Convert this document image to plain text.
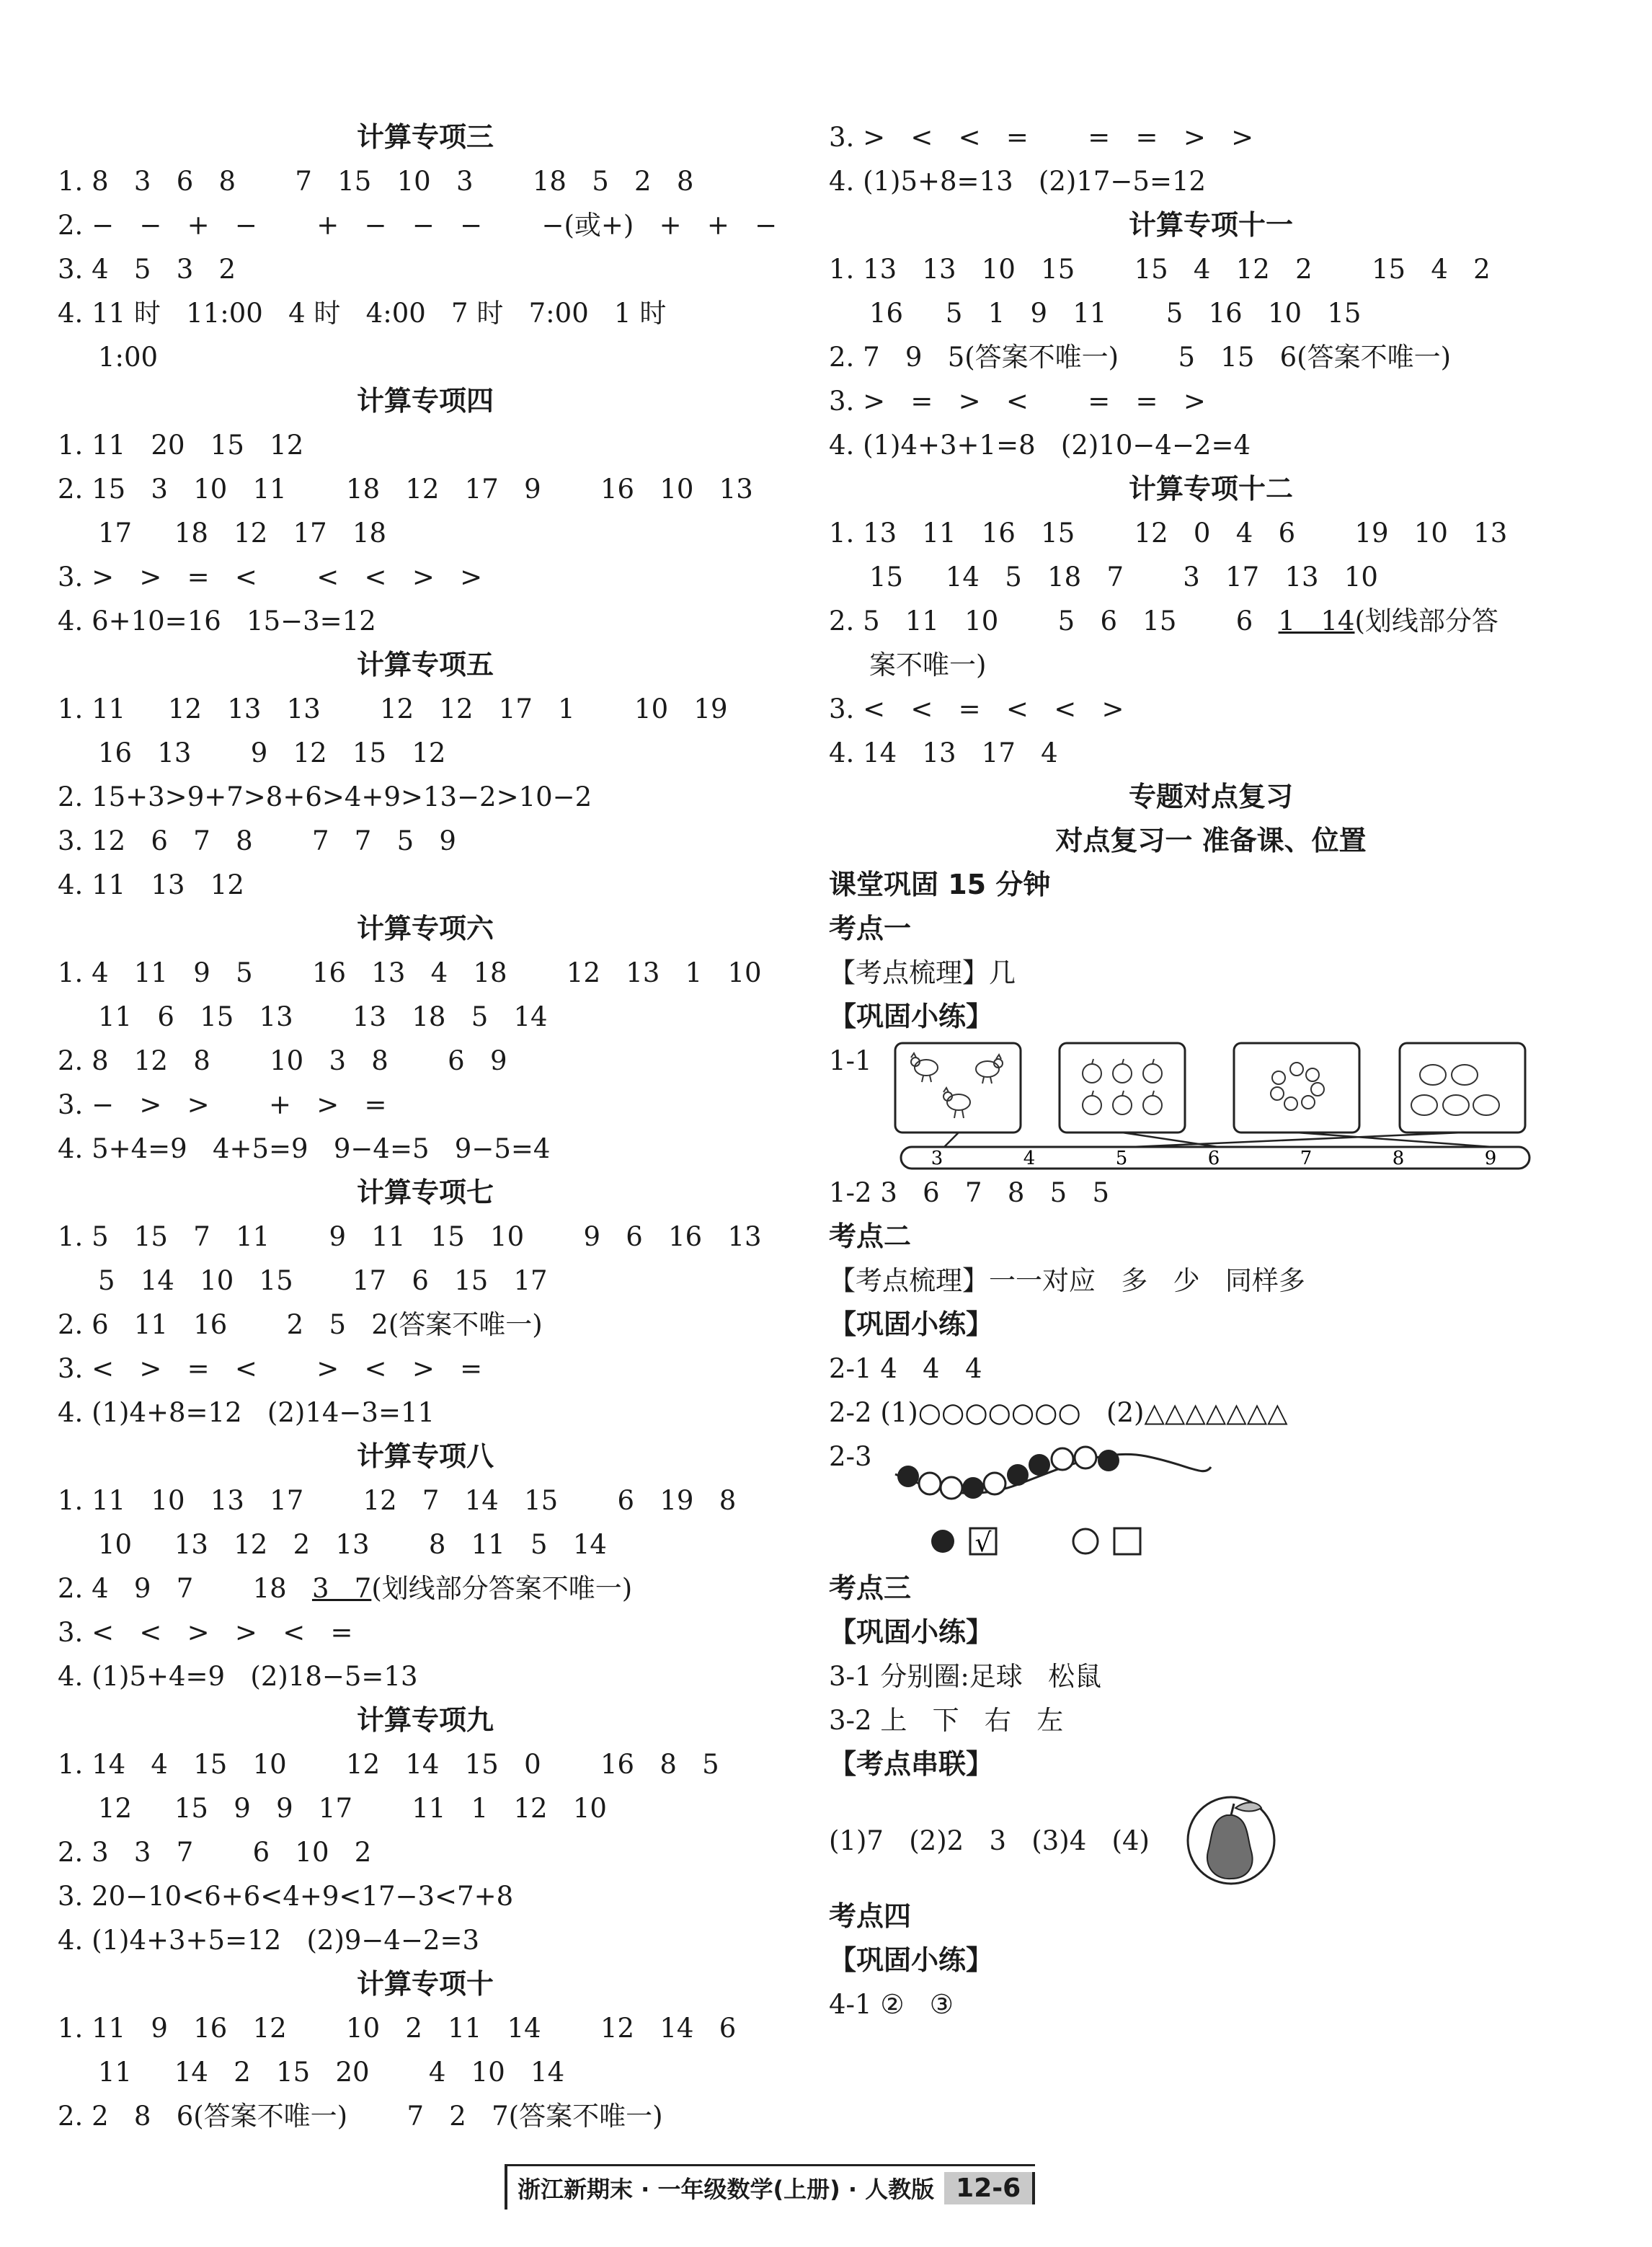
计算专项三
1. 8   3   6   8       7   15   10   3       18   5   2   8
2. −   −   +   −       +   −   −   −       −(或+)   +   +   −
3. 4   5   3   2
4. 11 时   11:00   4 时   4:00   7 时   7:00   1 时
1:00
计算专项四
1. 11   20   15   12
2. 15   3   10   11       18   12   17   9       16   10   13
17     18   12   17   18
3. >   >   =   <       <   <   >   >
4. 6+10=16   15−3=12
计算专项五
1. 11     12   13   13       12   12   17   1       10   19
16   13       9   12   15   12
2. 15+3>9+7>8+6>4+9>13−2>10−2
3. 12   6   7   8       7   7   5   9
4. 11   13   12
计算专项六
1. 4   11   9   5       16   13   4   18       12   13   1   10
11   6   15   13       13   18   5   14
2. 8   12   8       10   3   8       6   9
3. −   >   >       +   >   =
4. 5+4=9   4+5=9   9−4=5   9−5=4
计算专项七
1. 5   15   7   11       9   11   15   10       9   6   16   13
5   14   10   15       17   6   15   17
2. 6   11   16       2   5   2(答案不唯一)
3. <   >   =   <       >   <   >   =
4. (1)4+8=12   (2)14−3=11
计算专项八
1. 11   10   13   17       12   7   14   15       6   19   8
10     13   12   2   13       8   11   5   14
2. 4   9   7       18   3   7(划线部分答案不唯一)
3. <   <   >   >   <   =
4. (1)5+4=9   (2)18−5=13
计算专项九
1. 14   4   15   10       12   14   15   0       16   8   5
12     15   9   9   17       11   1   12   10
2. 3   3   7       6   10   2
3. 20−10<6+6<4+9<17−3<7+8
4. (1)4+3+5=12   (2)9−4−2=3
计算专项十
1. 11   9   16   12       10   2   11   14       12   14   6
11     14   2   15   20       4   10   14
2. 2   8   6(答案不唯一)       7   2   7(答案不唯一)
3. >   <   <   =       =   =   >   >
4. (1)5+8=13   (2)17−5=12
计算专项十一
1. 13   13   10   15       15   4   12   2       15   4   2
16     5   1   9   11       5   16   10   15
2. 7   9   5(答案不唯一)       5   15   6(答案不唯一)
3. >   =   >   <       =   =   >
4. (1)4+3+1=8   (2)10−4−2=4
计算专项十二
1. 13   11   16   15       12   0   4   6       19   10   13
15     14   5   18   7       3   17   13   10
2. 5   11   10       5   6   15       6   1   14(划线部分答
案不唯一)
3. <   <   =   <   <   >
4. 14   13   17   4
专题对点复习
对点复习一 准备课、位置
课堂巩固 15 分钟
考点一
【考点梳理】几
【巩固小练】
1-1
3	4	5	6	7	8	9
1-2 3   6   7   8   5   5
考点二
【考点梳理】一一对应   多   少   同样多
【巩固小练】
2-1 4   4   4
2-2 (1)○○○○○○○   (2)△△△△△△△
2-3
√
考点三
【巩固小练】
3-1 分别圈:足球   松鼠
3-2 上   下   右   左
【考点串联】
(1)7   (2)2   3   (3)4   (4)
考点四
【巩固小练】
4-1 ②   ③
浙江新期末 · 一年级数学(上册) · 人教版 12-6
